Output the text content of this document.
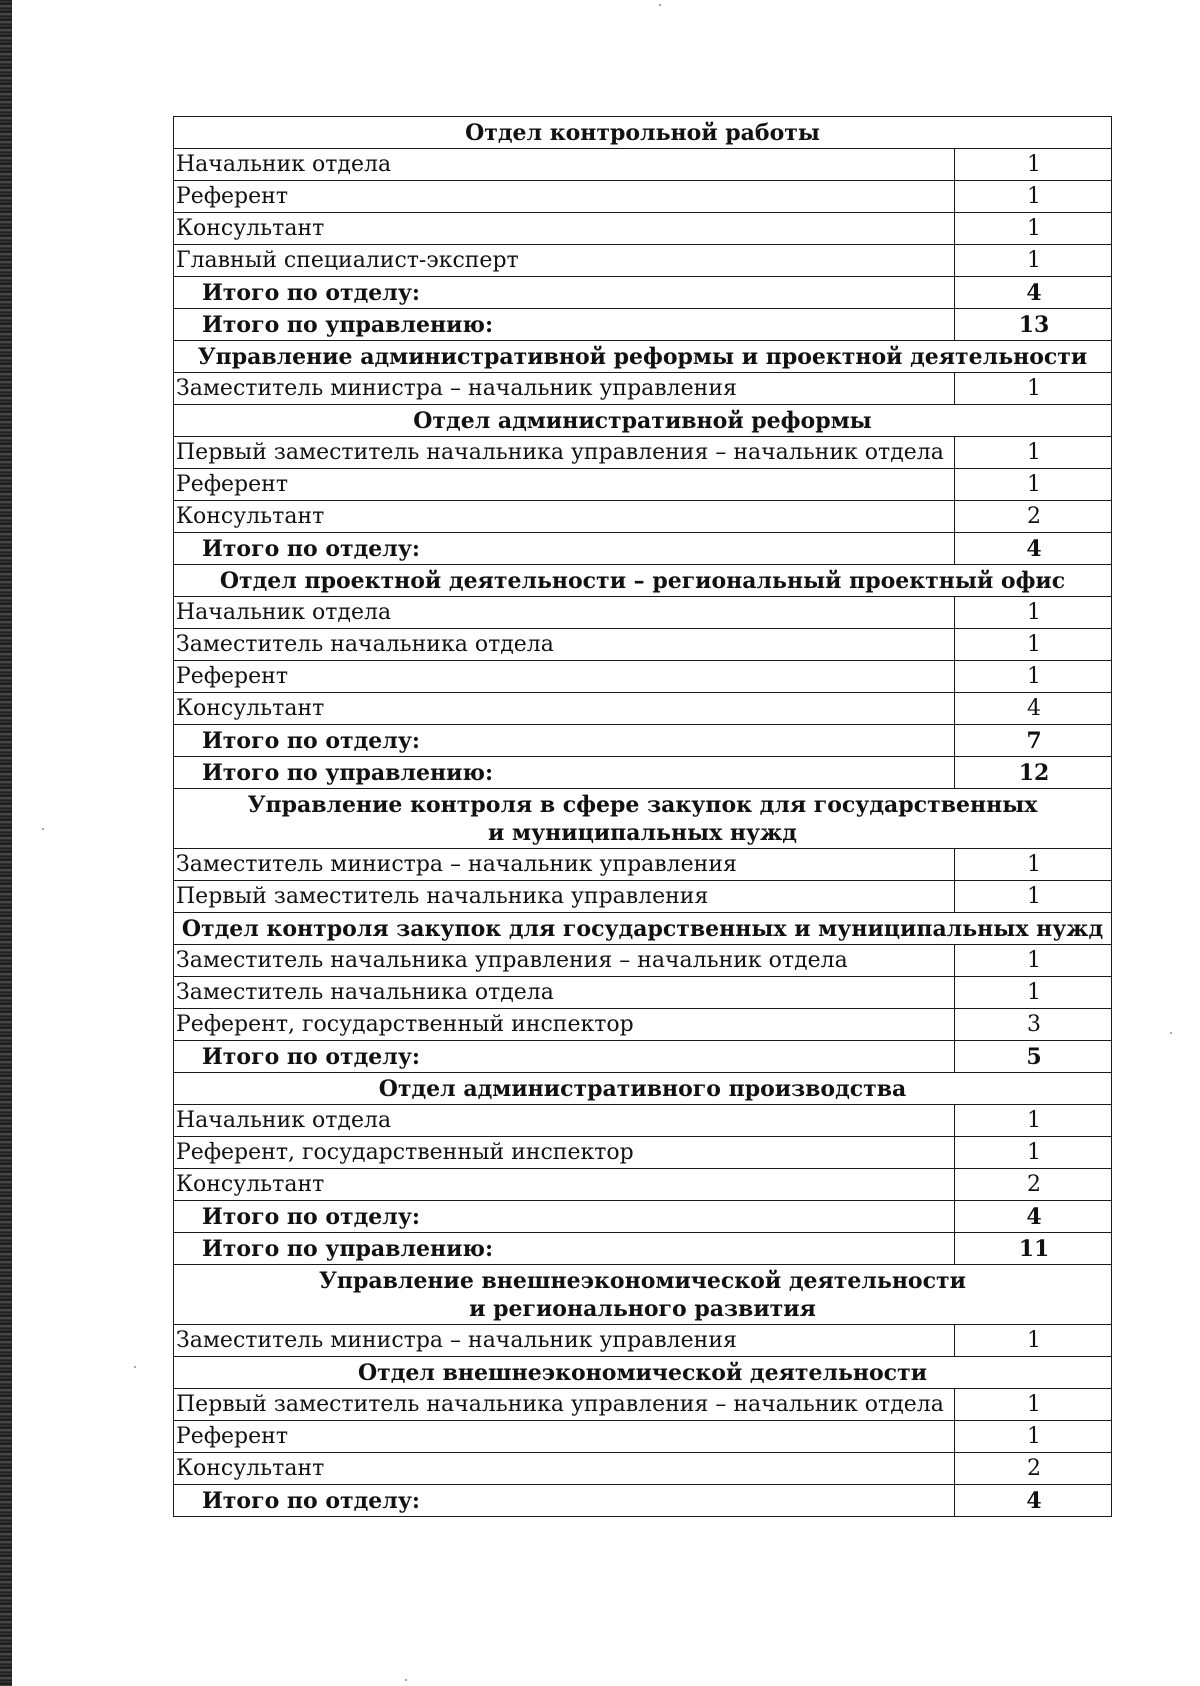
Отдел контрольной работы	

Начальник отдела	1
Референт	1
Консультант	1
Главный специалист-эксперт	1
Итого по отделу:	4
Итого по управлению:	13

Управление административной реформы и проектной деятельности	

Заместитель министра – начальник управления	1

Отдел административной реформы	

Первый заместитель начальника управления – начальник отдела	1
Референт	1
Консультант	2
Итого по отделу:	4

Отдел проектной деятельности – региональный проектный офис	

Начальник отдела	1
Заместитель начальника отдела	1
Референт	1
Консультант	4
Итого по отделу:	7
Итого по управлению:	12

Управление контроля в сфере закупок для государственных
и муниципальных нужд	

Заместитель министра – начальник управления	1
Первый заместитель начальника управления	1

Отдел контроля закупок для государственных и муниципальных нужд	

Заместитель начальника управления – начальник отдела	1
Заместитель начальника отдела	1
Референт, государственный инспектор	3
Итого по отделу:	5

Отдел административного производства	

Начальник отдела	1
Референт, государственный инспектор	1
Консультант	2
Итого по отделу:	4
Итого по управлению:	11

Управление внешнеэкономической деятельности
и регионального развития	

Заместитель министра – начальник управления	1

Отдел внешнеэкономической деятельности	

Первый заместитель начальника управления – начальник отдела	1
Референт	1
Консультант	2
Итого по отделу:	4
